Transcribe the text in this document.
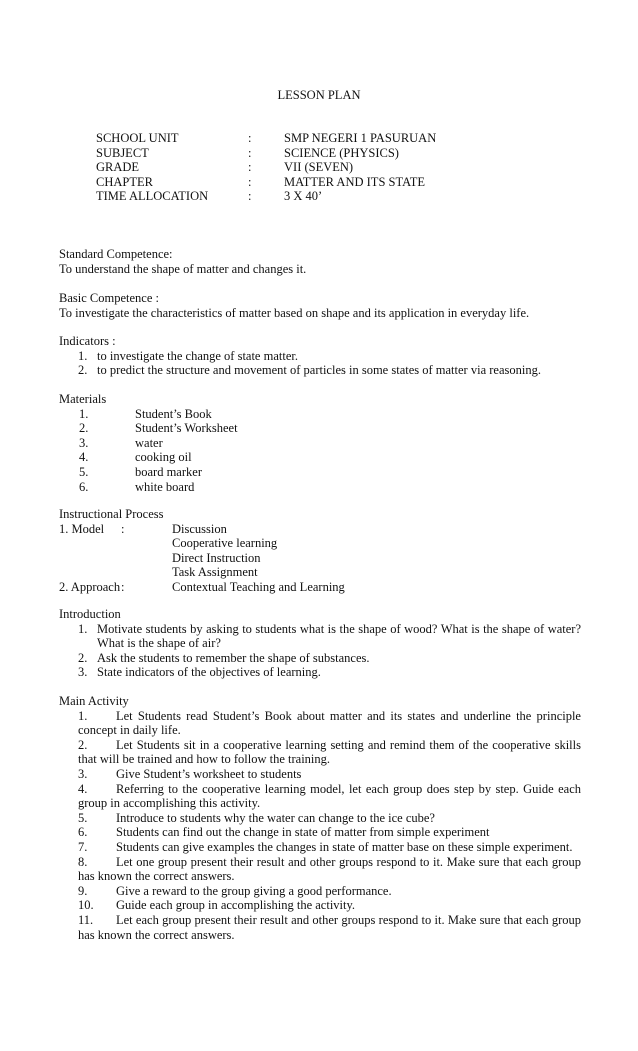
LESSON PLAN
SCHOOL UNIT	:	SMP NEGERI 1 PASURUAN
SUBJECT	:	SCIENCE (PHYSICS)
GRADE	:	VII (SEVEN)
CHAPTER	:	MATTER AND ITS STATE
TIME ALLOCATION	:	3 X 40’
Standard Competence:
To understand the shape of matter and changes it.
Basic Competence :
To investigate the characteristics of matter based on shape and its application in everyday life.
Indicators :
1. to investigate the change of state matter.
2. to predict the structure and movement of particles in some states of matter via reasoning.
Materials
1.	Student’s Book
2.	Student’s Worksheet
3.	water
4.	cooking oil
5.	board marker
6.	white board
Instructional Process
1. Model	:	Discussion
Cooperative learning
Direct Instruction
Task Assignment
2. Approach :	Contextual Teaching and Learning
Introduction
1. Motivate students by asking to students what is the shape of wood? What is the shape of water? What is the shape of air?
2. Ask the students to remember the shape of substances.
3. State indicators of the objectives of learning.
Main Activity
1. Let Students read Student’s Book about matter and its states and underline the principle concept in daily life.
2. Let Students sit in a cooperative learning setting and remind them of the cooperative skills that will be trained and how to follow the training.
3. Give Student’s worksheet to students
4. Referring to the cooperative learning model, let each group does step by step. Guide each group in accomplishing this activity.
5. Introduce to students why the water can change to the ice cube?
6. Students can find out the change in state of matter from simple experiment
7. Students can give examples the changes in state of matter base on these simple experiment.
8. Let one group present their result and other groups respond to it. Make sure that each group has known the correct answers.
9. Give a reward to the group giving a good performance.
10. Guide each group in accomplishing the activity.
11. Let each group present their result and other groups respond to it. Make sure that each group has known the correct answers.
